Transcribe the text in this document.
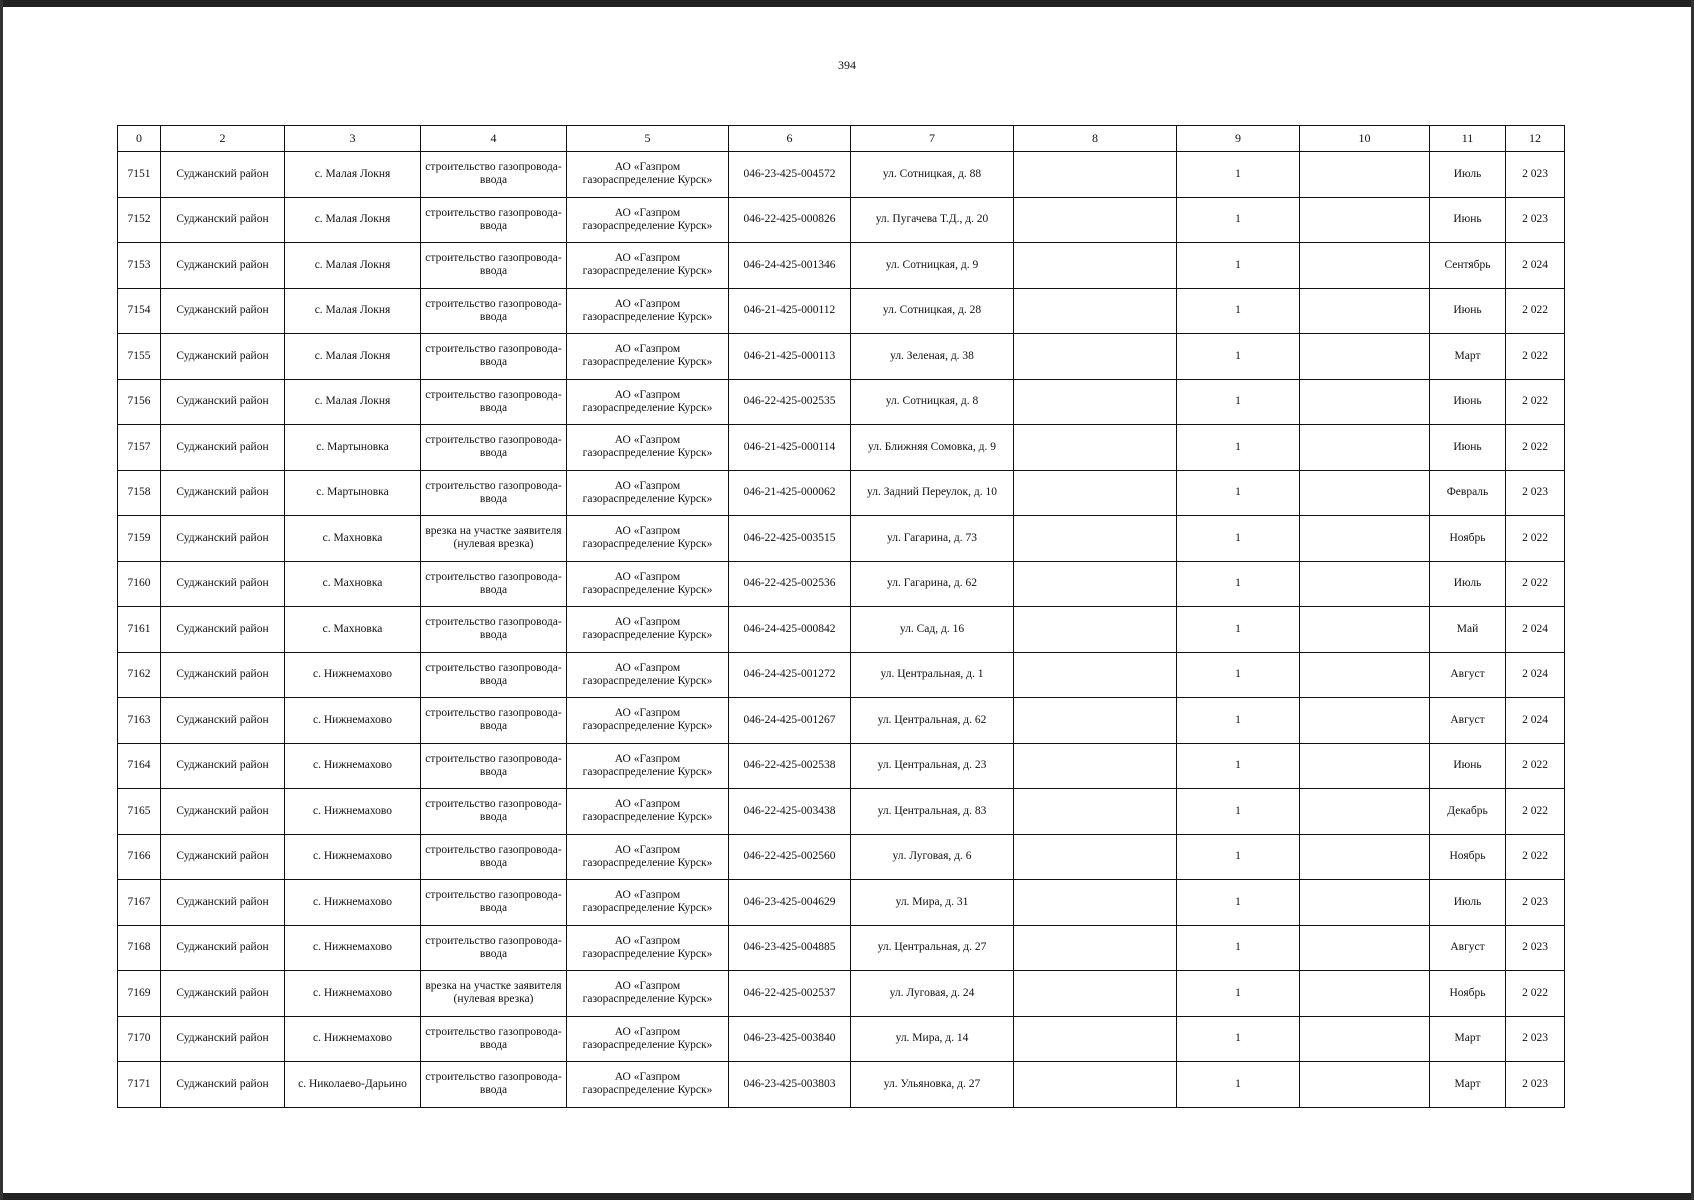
394
0	2	3	4	5	6	7	8	9	10	11	12
7151	Суджанский район	с. Малая Локня	строительство газопровода-ввода	АО «Газпром газораспределение Курск»	046-23-425-004572	ул. Сотницкая, д. 88		1		Июль	2 023
7152	Суджанский район	с. Малая Локня	строительство газопровода-ввода	АО «Газпром газораспределение Курск»	046-22-425-000826	ул. Пугачева Т.Д., д. 20		1		Июнь	2 023
7153	Суджанский район	с. Малая Локня	строительство газопровода-ввода	АО «Газпром газораспределение Курск»	046-24-425-001346	ул. Сотницкая, д. 9		1		Сентябрь	2 024
7154	Суджанский район	с. Малая Локня	строительство газопровода-ввода	АО «Газпром газораспределение Курск»	046-21-425-000112	ул. Сотницкая, д. 28		1		Июнь	2 022
7155	Суджанский район	с. Малая Локня	строительство газопровода-ввода	АО «Газпром газораспределение Курск»	046-21-425-000113	ул. Зеленая, д. 38		1		Март	2 022
7156	Суджанский район	с. Малая Локня	строительство газопровода-ввода	АО «Газпром газораспределение Курск»	046-22-425-002535	ул. Сотницкая, д. 8		1		Июнь	2 022
7157	Суджанский район	с. Мартыновка	строительство газопровода-ввода	АО «Газпром газораспределение Курск»	046-21-425-000114	ул. Ближняя Сомовка, д. 9		1		Июнь	2 022
7158	Суджанский район	с. Мартыновка	строительство газопровода-ввода	АО «Газпром газораспределение Курск»	046-21-425-000062	ул. Задний Переулок, д. 10		1		Февраль	2 023
7159	Суджанский район	с. Махновка	врезка на участке заявителя (нулевая врезка)	АО «Газпром газораспределение Курск»	046-22-425-003515	ул. Гагарина, д. 73		1		Ноябрь	2 022
7160	Суджанский район	с. Махновка	строительство газопровода-ввода	АО «Газпром газораспределение Курск»	046-22-425-002536	ул. Гагарина, д. 62		1		Июль	2 022
7161	Суджанский район	с. Махновка	строительство газопровода-ввода	АО «Газпром газораспределение Курск»	046-24-425-000842	ул. Сад, д. 16		1		Май	2 024
7162	Суджанский район	с. Нижнемахово	строительство газопровода-ввода	АО «Газпром газораспределение Курск»	046-24-425-001272	ул. Центральная, д. 1		1		Август	2 024
7163	Суджанский район	с. Нижнемахово	строительство газопровода-ввода	АО «Газпром газораспределение Курск»	046-24-425-001267	ул. Центральная, д. 62		1		Август	2 024
7164	Суджанский район	с. Нижнемахово	строительство газопровода-ввода	АО «Газпром газораспределение Курск»	046-22-425-002538	ул. Центральная, д. 23		1		Июнь	2 022
7165	Суджанский район	с. Нижнемахово	строительство газопровода-ввода	АО «Газпром газораспределение Курск»	046-22-425-003438	ул. Центральная, д. 83		1		Декабрь	2 022
7166	Суджанский район	с. Нижнемахово	строительство газопровода-ввода	АО «Газпром газораспределение Курск»	046-22-425-002560	ул. Луговая, д. 6		1		Ноябрь	2 022
7167	Суджанский район	с. Нижнемахово	строительство газопровода-ввода	АО «Газпром газораспределение Курск»	046-23-425-004629	ул. Мира, д. 31		1		Июль	2 023
7168	Суджанский район	с. Нижнемахово	строительство газопровода-ввода	АО «Газпром газораспределение Курск»	046-23-425-004885	ул. Центральная, д. 27		1		Август	2 023
7169	Суджанский район	с. Нижнемахово	врезка на участке заявителя (нулевая врезка)	АО «Газпром газораспределение Курск»	046-22-425-002537	ул. Луговая, д. 24		1		Ноябрь	2 022
7170	Суджанский район	с. Нижнемахово	строительство газопровода-ввода	АО «Газпром газораспределение Курск»	046-23-425-003840	ул. Мира, д. 14		1		Март	2 023
7171	Суджанский район	с. Николаево-Дарьино	строительство газопровода-ввода	АО «Газпром газораспределение Курск»	046-23-425-003803	ул. Ульяновка, д. 27		1		Март	2 023
